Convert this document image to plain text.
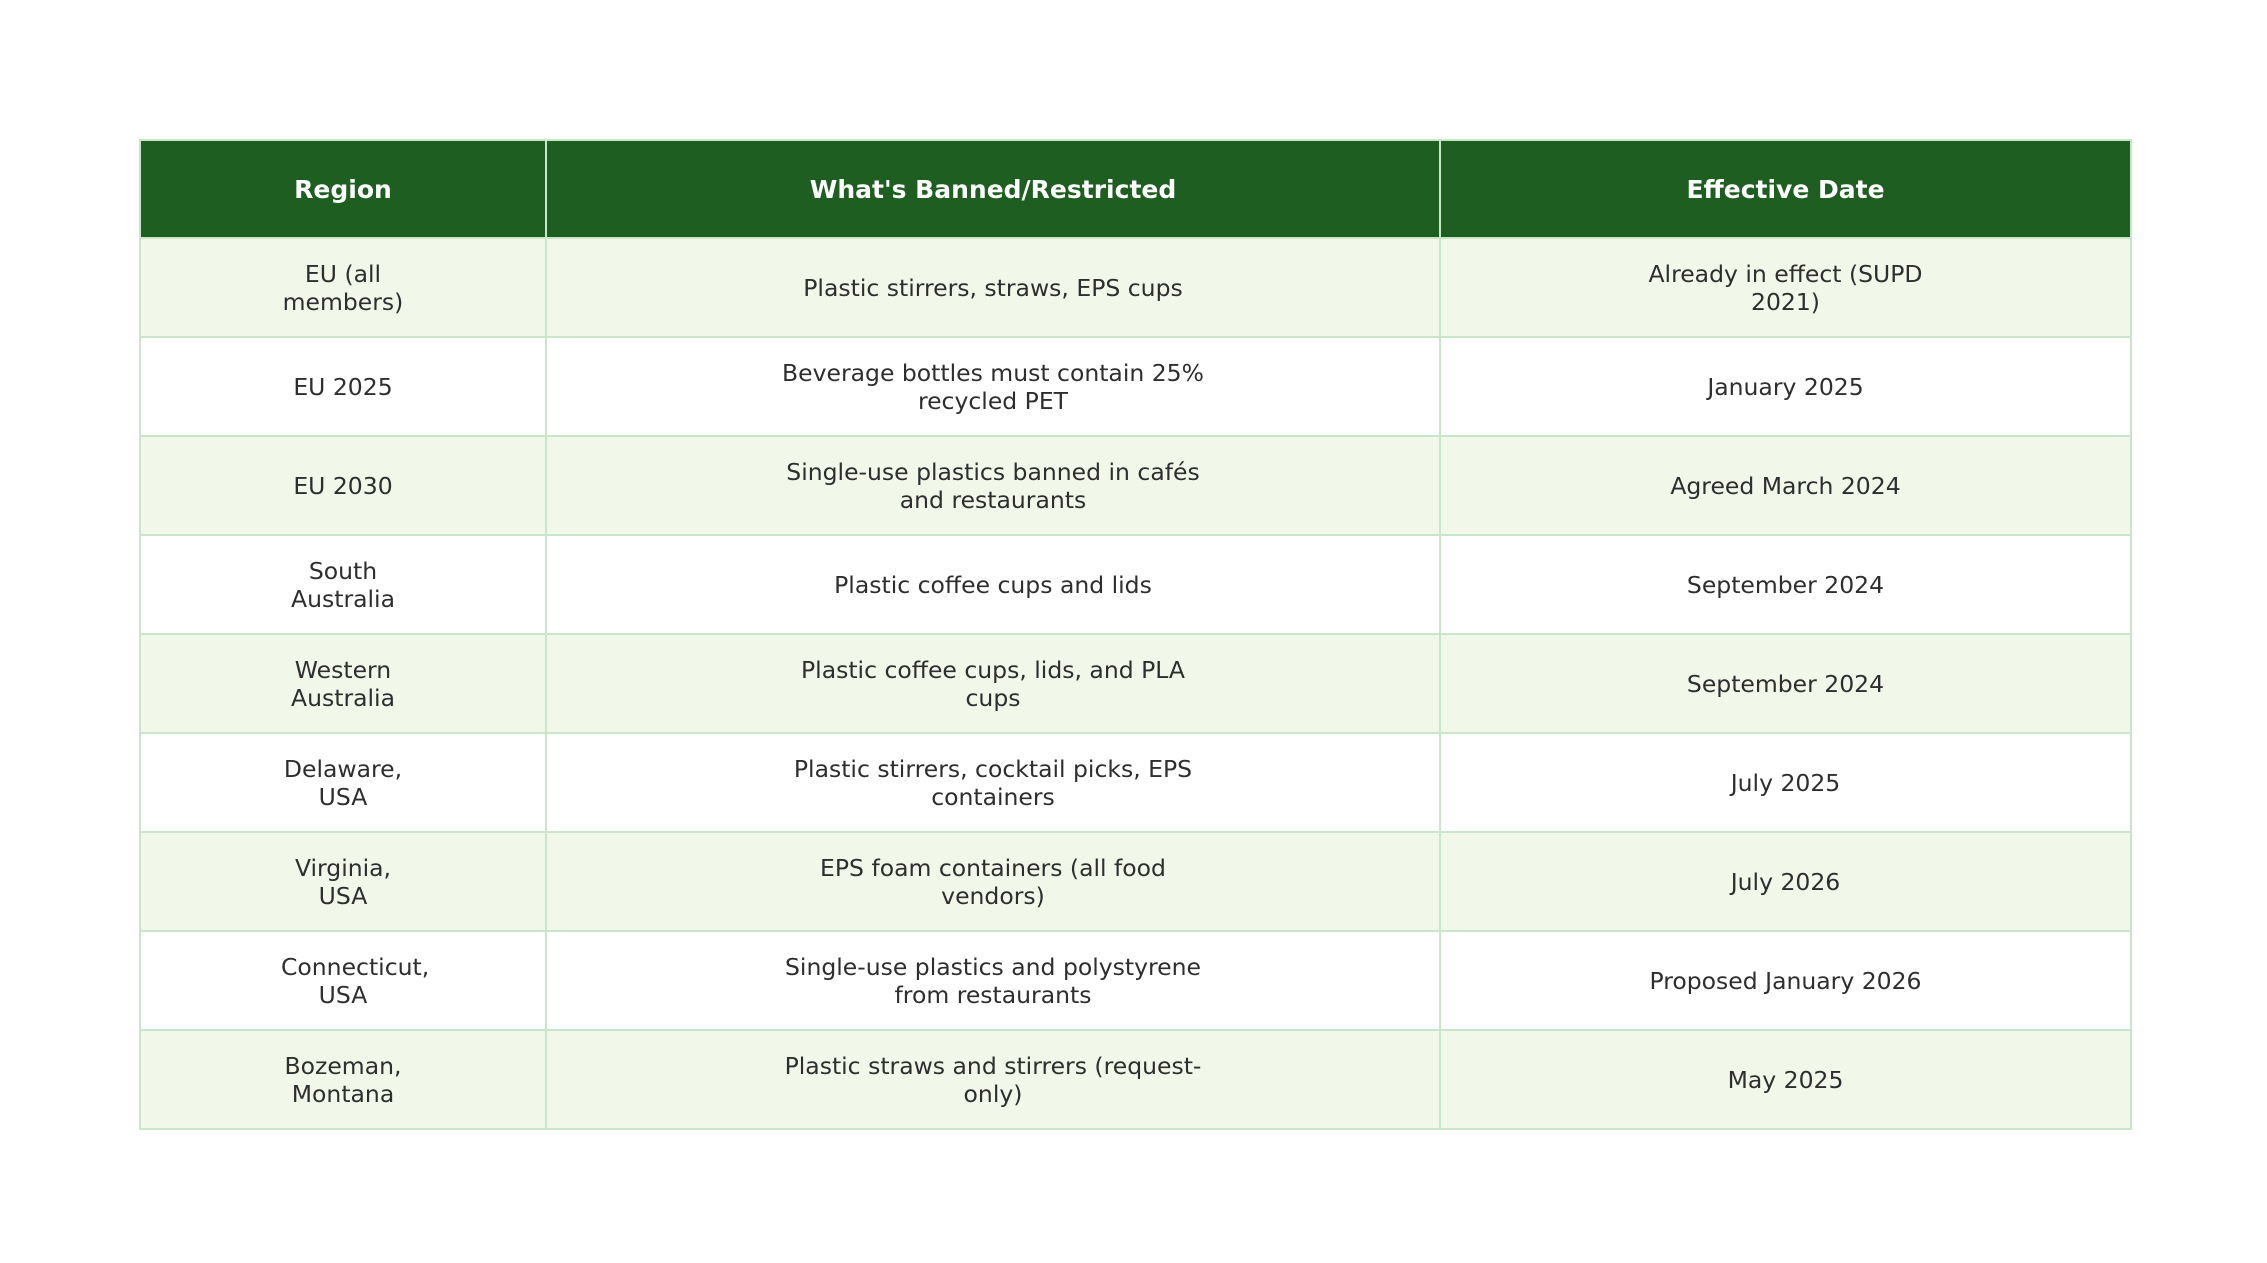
Region	What's Banned/Restricted	Effective Date
EU (all members)	Plastic stirrers, straws, EPS cups	Already in effect (SUPD 2021)
EU 2025	Beverage bottles must contain 25% recycled PET	January 2025
EU 2030	Single-use plastics banned in cafés and restaurants	Agreed March 2024
South Australia	Plastic coffee cups and lids	September 2024
Western Australia	Plastic coffee cups, lids, and PLA cups	September 2024
Delaware, USA	Plastic stirrers, cocktail picks, EPS containers	July 2025
Virginia, USA	EPS foam containers (all food vendors)	July 2026
Connecticut, USA	Single-use plastics and polystyrene from restaurants	Proposed January 2026
Bozeman, Montana	Plastic straws and stirrers (request-only)	May 2025
